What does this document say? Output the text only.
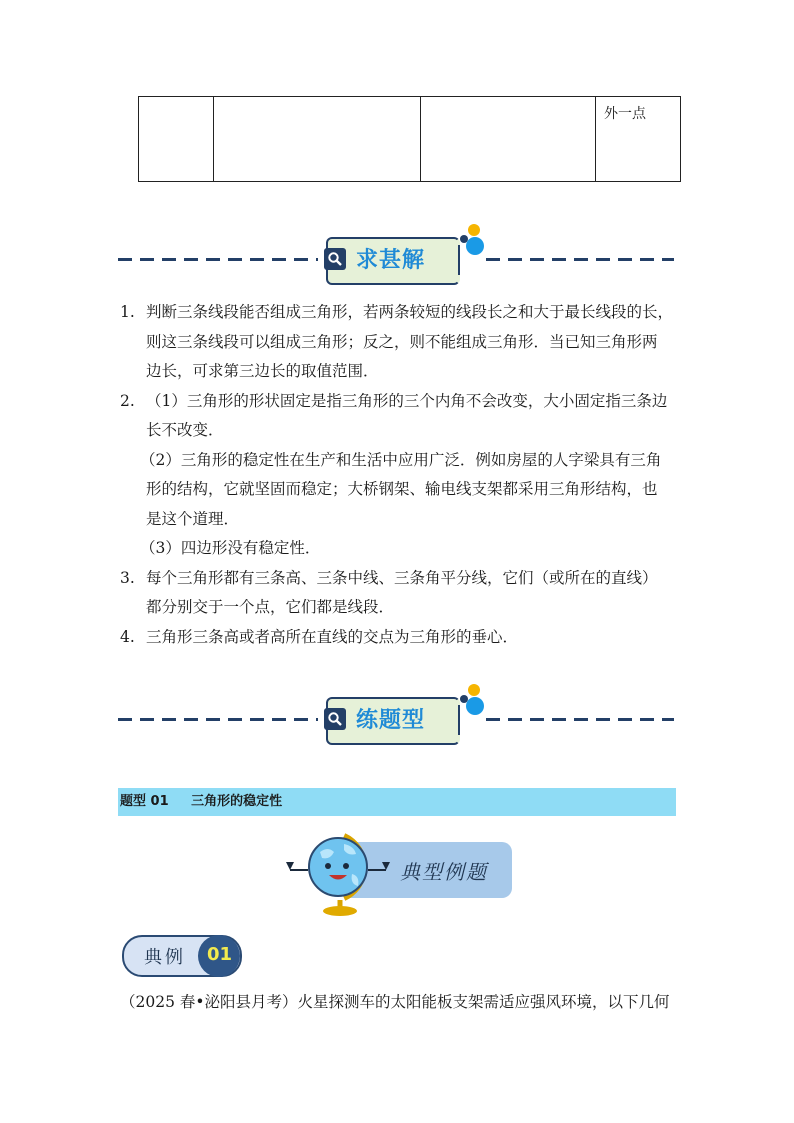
			外一点
求甚解
1. 判断三条线段能否组成三角形，若两条较短的线段长之和大于最长线段的长，
则这三条线段可以组成三角形；反之，则不能组成三角形．当已知三角形两
边长，可求第三边长的取值范围．
2. （1）三角形的形状固定是指三角形的三个内角不会改变，大小固定指三条边
长不改变．
（2）三角形的稳定性在生产和生活中应用广泛．例如房屋的人字梁具有三角
形的结构，它就坚固而稳定；大桥钢架、输电线支架都采用三角形结构，也
是这个道理．
（3）四边形没有稳定性．
3. 每个三角形都有三条高、三条中线、三条角平分线，它们（或所在的直线）
都分别交于一个点，它们都是线段．
4. 三角形三条高或者高所在直线的交点为三角形的垂心．
练题型
题型 01 三角形的稳定性
典型例题
典例 01
（2025 春•泌阳县月考）火星探测车的太阳能板支架需适应强风环境，以下几何
